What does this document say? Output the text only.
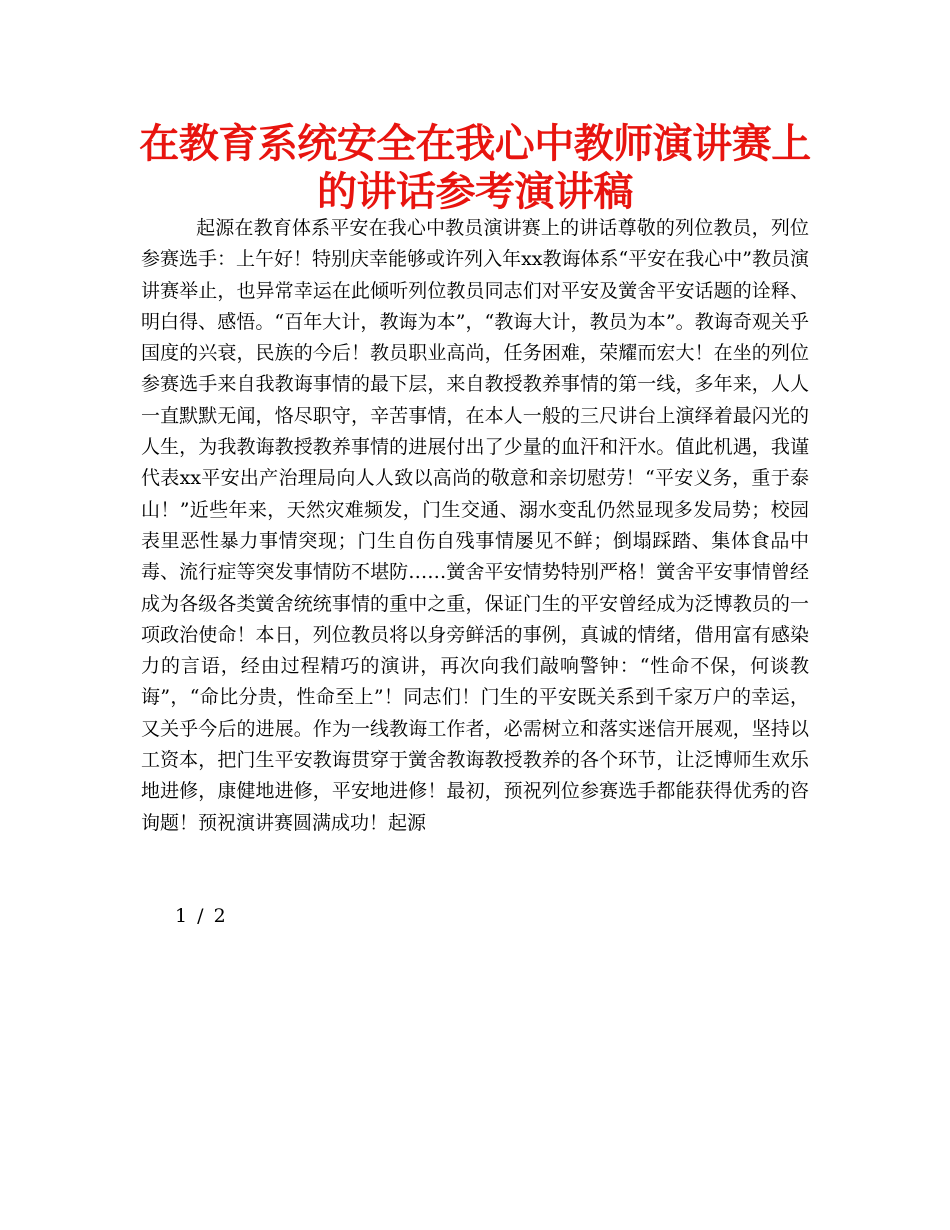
在教育系统安全在我心中教师演讲赛上的讲话参考演讲稿

起源在教育体系平安在我心中教员演讲赛上的讲话尊敬的列位教员，列位参赛选手：上午好！特别庆幸能够或许列入年xx教诲体系“平安在我心中”教员演讲赛举止，也异常幸运在此倾听列位教员同志们对平安及黉舍平安话题的诠释、明白得、感悟。“百年大计，教诲为本”，“教诲大计，教员为本”。教诲奇观关乎国度的兴衰，民族的今后！教员职业高尚，任务困难，荣耀而宏大！在坐的列位参赛选手来自我教诲事情的最下层，来自教授教养事情的第一线，多年来，人人一直默默无闻，恪尽职守，辛苦事情，在本人一般的三尺讲台上演绎着最闪光的人生，为我教诲教授教养事情的进展付出了少量的血汗和汗水。值此机遇，我谨代表xx平安出产治理局向人人致以高尚的敬意和亲切慰劳！“平安义务，重于泰山！”近些年来，天然灾难频发，门生交通、溺水变乱仍然显现多发局势；校园表里恶性暴力事情突现；门生自伤自残事情屡见不鲜；倒塌踩踏、集体食品中毒、流行症等突发事情防不堪防……黉舍平安情势特别严格！黉舍平安事情曾经成为各级各类黉舍统统事情的重中之重，保证门生的平安曾经成为泛博教员的一项政治使命！本日，列位教员将以身旁鲜活的事例，真诚的情绪，借用富有感染力的言语，经由过程精巧的演讲，再次向我们敲响警钟：“性命不保，何谈教诲”，“命比分贵，性命至上”！同志们！门生的平安既关系到千家万户的幸运，又关乎今后的进展。作为一线教诲工作者，必需树立和落实迷信开展观，坚持以工资本，把门生平安教诲贯穿于黉舍教诲教授教养的各个环节，让泛博师生欢乐地进修，康健地进修，平安地进修！最初，预祝列位参赛选手都能获得优秀的咨询题！预祝演讲赛圆满成功！起源

1 / 2
